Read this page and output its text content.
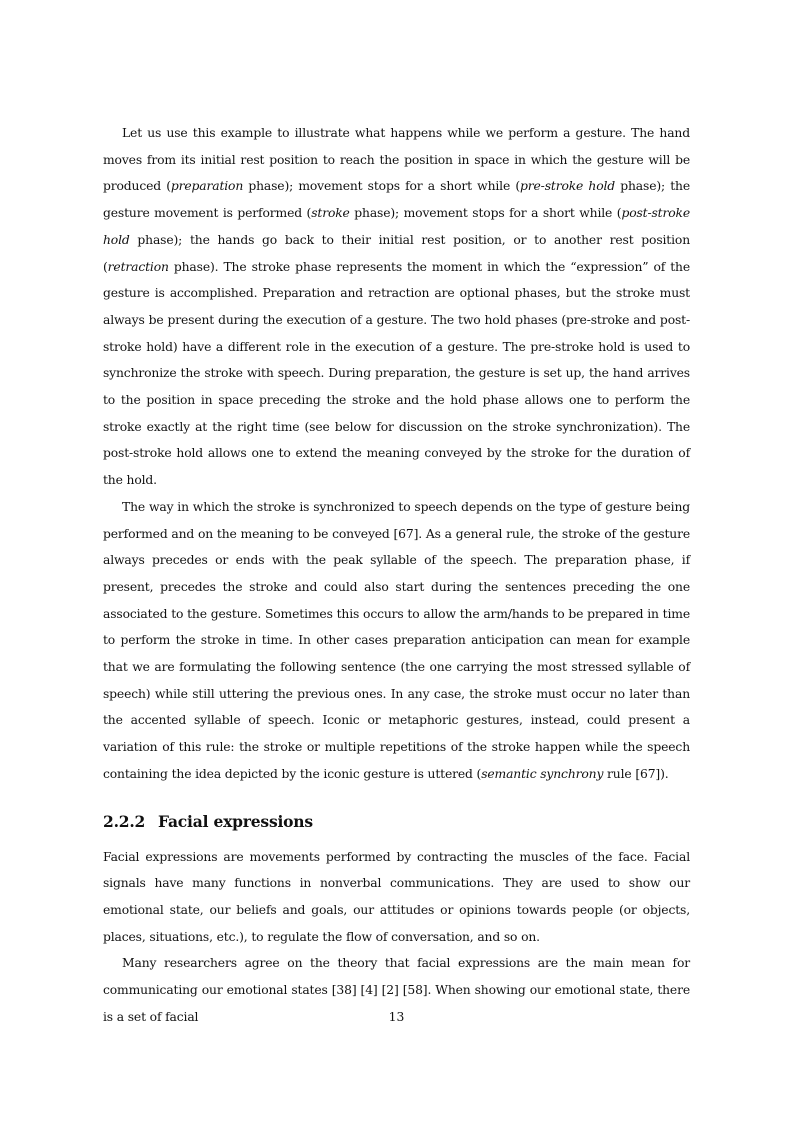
Let us use this example to illustrate what happens while we perform a gesture. The hand moves from its initial rest position to reach the position in space in which the gesture will be produced (preparation phase); movement stops for a short while (pre-stroke hold phase); the gesture movement is performed (stroke phase); movement stops for a short while (post-stroke hold phase); the hands go back to their initial rest position, or to another rest position (retraction phase). The stroke phase represents the moment in which the “expression” of the gesture is accomplished. Preparation and retraction are optional phases, but the stroke must always be present during the execution of a gesture. The two hold phases (pre-stroke and post-stroke hold) have a different role in the execution of a gesture. The pre-stroke hold is used to synchronize the stroke with speech. During preparation, the gesture is set up, the hand arrives to the position in space preceding the stroke and the hold phase allows one to perform the stroke exactly at the right time (see below for discussion on the stroke synchronization). The post-stroke hold allows one to extend the meaning conveyed by the stroke for the duration of the hold.

The way in which the stroke is synchronized to speech depends on the type of gesture being performed and on the meaning to be conveyed [67]. As a general rule, the stroke of the gesture always precedes or ends with the peak syllable of the speech. The preparation phase, if present, precedes the stroke and could also start during the sentences preceding the one associated to the gesture. Sometimes this occurs to allow the arm/hands to be prepared in time to perform the stroke in time. In other cases preparation anticipation can mean for example that we are formulating the following sentence (the one carrying the most stressed syllable of speech) while still uttering the previous ones. In any case, the stroke must occur no later than the accented syllable of speech. Iconic or metaphoric gestures, instead, could present a variation of this rule: the stroke or multiple repetitions of the stroke happen while the speech containing the idea depicted by the iconic gesture is uttered (semantic synchrony rule [67]).

2.2.2 Facial expressions

Facial expressions are movements performed by contracting the muscles of the face. Facial signals have many functions in nonverbal communications. They are used to show our emotional state, our beliefs and goals, our attitudes or opinions towards people (or objects, places, situations, etc.), to regulate the flow of conversation, and so on.

Many researchers agree on the theory that facial expressions are the main mean for communicating our emotional states [38] [4] [2] [58]. When showing our emotional state, there is a set of facial	13
